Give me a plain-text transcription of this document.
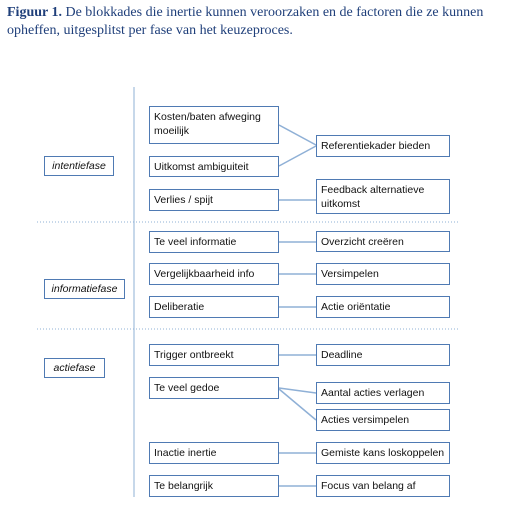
Figuur 1. De blokkades die inertie kunnen veroorzaken en de factoren die ze kunnen opheffen, uitgesplitst per fase van het keuzeproces.
intentiefase
informatiefase
actiefase
Kosten/baten afweging moeilijk
Uitkomst ambiguiteit
Verlies / spijt
Referentiekader bieden
Feedback alternatieve uitkomst
Te veel informatie
Vergelijkbaarheid info
Deliberatie
Overzicht creëren
Versimpelen
Actie oriëntatie
Trigger ontbreekt
Te veel gedoe
Inactie inertie
Te belangrijk
Deadline
Aantal acties verlagen
Acties versimpelen
Gemiste kans loskoppelen
Focus van belang af
